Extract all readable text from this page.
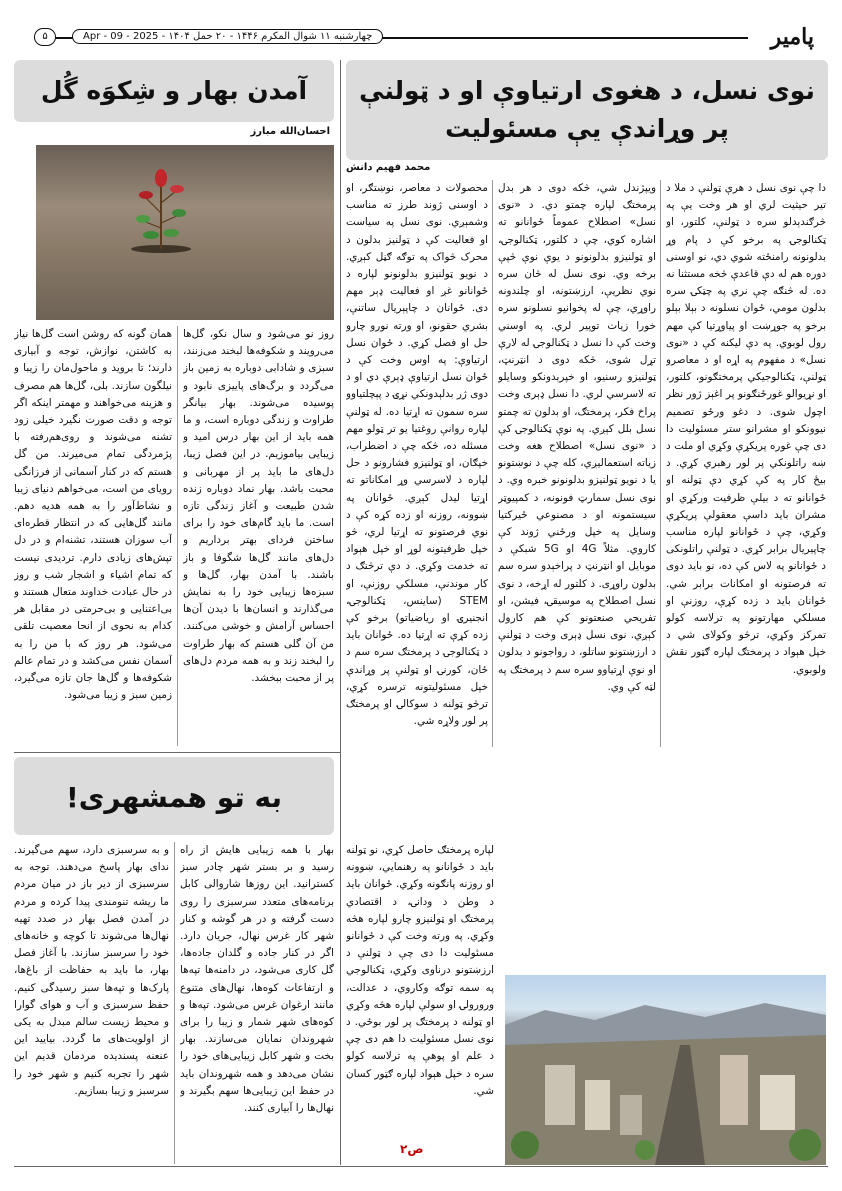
پامیر
چهارشنبه ۱۱ شوال المکرم ۱۴۴۶ - ۲۰ حمل ۱۴۰۴ - Apr - 09 - 2025
۵
نوی نسل، د هغوی ارتیاوې او د ټولنې
پر وړاندې یې مسئولیت
محمد فهیم دانش
دا چې نوی نسل د هرې ټولنې د ملا د تیر حیثیت لري او هر وخت یې په څرګندېدلو سره د ټولنې، کلتور، او ټکنالوجۍ په برخو کې د پام وړ بدلونونه رامنځته شوي دي، نو اوسنی دوره هم له دې قاعدې څخه مستثنا نه ده. له څنګه چې نري په چټکۍ سره بدلون مومي، ځوان نسلونه د بېلا بېلو برخو په جوړښت او پیاوړتیا کې مهم رول لوبوي. په دې لیکنه کې د «نوی نسل» د مفهوم په اړه او د معاصرو ټولنې، ټکنالوجیکي پرمختګونو، کلتور، او نړیوالو غورځنګونو پر اغېز ژور نظر اچول شوی. د دغو ورځو تصمیم نیوونکو او مشرانو ستر مسئولیت دا دی چې غوره پریکړې وکړي او ملت د ښه راتلونکي پر لور رهبري کړي. د بیځ کار په کې کړي دې ټولنه او ځوانانو ته د بیلې ظرفیت ورکړي او مشران باید داسې معقولې پریکړې وکړي، چې د ځوانانو لپاره مناسب چاپیریال برابر کړي. د ټولنې راتلونکی د ځوانانو په لاس کې ده، نو باید دوی ته فرصتونه او امکانات برابر شي. ځوانان باید د زده کړې، روزنې او مسلکي مهارتونو په ترلاسه کولو تمرکز وکړي، ترڅو وکولای شي د خپل هېواد د پرمختګ لپاره ګټور نقش ولوبوي.
ویپژندل شي، څکه دوی د هر بدل پرمختګ لپاره چمتو دي. د «نوی نسل» اصطلاح عموماً ځوانانو ته اشاره کوي، چې د کلتور، ټکنالوجۍ، او ټولنیزو بدلونونو د یوې نوې څپې برخه وي. نوی نسل له څان سره نوي نظریې، ارزښتونه، او چلندونه راوړي، چې له پخوانیو نسلونو سره خورا زیات توپیر لري. په اوسني وخت کې دا نسل د ټکنالوجۍ له لارې تړل شوی، څکه دوی د انټرنټ، ټولنیزو رسنیو، او خپرېدونکو وسایلو ته لاسرسي لري. دا نسل ډېری وخت پراخ فکر، پرمختګ، او بدلون ته چمتو نسل بلل کېږي. په نوې ټکنالوجۍ کې د «نوی نسل» اصطلاح هغه وخت زیاته استعمالیږي، کله چې د نوښتونو یا د نویو ټولنیزو بدلونونو خبره وي. د نوی نسل سمارټ فونونه، د کمپیوټر سیستمونه او د مصنوعي ځیرکتیا وسایل په خپل ورځني ژوند کې کاروي. مثلاً 4G او 5G شبکې د موبایل او انټرنټ د پراخېدو سره سم بدلون راوړی. د کلتور له اړخه، د نوی نسل اصطلاح په موسیقۍ، فیشن، او تفریحي صنعتونو کې هم کارول کېږي. نوی نسل ډېری وخت د ټولنې د ارزښتونو ساتلو، د رواجونو د بدلون او نوې اړتیاوو سره سم د پرمختګ په لټه کې وي.
محصولات د معاصر، نوښتګر، او د اوسنی ژوند طرز ته مناسب وشمېږي. نوی نسل په سیاست او فعالیت کې د ټولنیز بدلون د محرک څواک په توګه ګڼل کېږي. د نویو ټولنیزو بدلونونو لپاره د ځوانانو غږ او فعالیت ډېر مهم دی. ځوانان د چاپېریال ساتنې، بشري حقونو، او ورته نورو چارو حل او فصل کړي. د ځوان نسل ارتیاوې: په اوس وخت کې د ځوان نسل ارتیاوې ډېرې دي او د دوی ژر بدلېدونکي نړۍ د پېچلتیاوو سره سمون ته اړتیا ده. له ټولنې لپاره روانې روغتیا یو تر ټولو مهم مسئله ده، څکه چې د اضطراب، خپګان، او ټولنیزو فشارونو د حل لپاره د لاسرسي وړ امکاناتو ته اړتیا لیدل کېږي. ځوانان په ښوونه، روزنه او زده کړه کې د نوي فرصتونو ته اړتیا لري، څو خپل ظرفیتونه لوړ او خپل هېواد ته خدمت وکړي. د دې ترڅنګ د کار موندنې، مسلکي روزنې، او STEM (ساینس، ټکنالوجۍ، انجنیرۍ او ریاضیاتو) برخو کې زده کړې ته اړتیا ده. ځوانان باید د ټکنالوجۍ د پرمختګ سره سم د ځان، کورنۍ او ټولنې پر وړاندې خپل مسئولیتونه ترسره کړي، ترڅو ټولنه د سوکالۍ او پرمختګ پر لور ولاړه شي.
آمدن بهار و شِکوَه گُل
احسان‌الله مبارز
روز نو می‌شود و سال نکو، گل‌ها می‌رویند و شکوفه‌ها لبخند می‌زنند، سبزی و شادابی دوباره به زمین باز می‌گردد و برگ‌های پاییزی نابود و پوسیده می‌شوند. بهار بیانگر طراوت و زندگی دوباره است، و ما همه باید از این بهار درس امید و زیبایی بیاموزیم. در این فصل زیبا، دل‌های ما باید پر از مهربانی و محبت باشد. بهار نماد دوباره زنده شدن طبیعت و آغاز زندگی تازه است. ما باید گام‌های خود را برای ساختن فردای بهتر برداریم و دل‌های مانند گل‌ها شگوفا و باز باشند. با آمدن بهار، گل‌ها و سبزه‌ها زیبایی خود را به نمایش می‌گذارند و انسان‌ها با دیدن آن‌ها احساس آرامش و خوشی می‌کنند. من آن گلی هستم که بهار طراوت را لبخند زند و به همه مردم دل‌های پر از محبت ببخشد.
همان گونه که روشن است گل‌ها نیاز به کاشتن، نوازش، توجه و آبیاری دارند؛ تا بروید و ماحول‌مان را زیبا و نیلگون سازند. بلی، گل‌ها هم مصرف و هزینه می‌خواهند و مهمتر اینکه اگر توجه و دقت صورت نگیرد خیلی زود تشنه می‌شوند و روی‌هم‌رفته با پژمردگی تمام می‌میرند. من گل هستم که در کنار آسمانی از فرزانگی رویای من است، می‌خواهم دنیای زیبا و نشاط‌آور را به همه هدیه دهم. مانند گل‌هایی که در انتظار قطره‌ای آب سوزان هستند، تشنه‌ام و در دل تپش‌های زیادی دارم. تردیدی نیست که تمام اشیاء و اشجار شب و روز در حال عبادت خداوند متعال هستند و بی‌اعتنایی و بی‌حرمتی در مقابل هر کدام به نحوی از انحا معصیت تلقی می‌شود. هر روز که با من را به آسمان نفس می‌کشد و در تمام عالم شکوفه‌ها و گل‌ها جان تازه می‌گیرد، زمین سبز و زیبا می‌شود.
به تو همشهری!
و به سرسبزی دارد، سهم می‌گیرند. ندای بهار پاسخ می‌دهند. توجه به سرسبزی از دیر باز در میان مردم ما ریشه تنومندی پیدا کرده و مردم در آمدن فصل بهار در صدد تهیه نهال‌ها می‌شوند تا کوچه و خانه‌های خود را سرسبز سازند. با آغاز فصل بهار، ما باید به حفاظت از باغ‌ها، پارک‌ها و تپه‌ها سبز رسیدگی کنیم. حفظ سرسبزی و آب و هوای گوارا و محیط زیست سالم مبدل به یکی از اولویت‌های ما گردد. بیایید این عنعنه پسندیده مردمان قدیم این شهر را تجربه کنیم و شهر خود را سرسبز و زیبا بسازیم.
بهار با همه زیبایی هایش از راه رسید و بر بستر شهر چادر سبز کسترانید. این روزها شاروالی کابل برنامه‌های متعدد سرسبزی را روی دست گرفته و در هر گوشه و کنار شهر کار غرس نهال، جریان دارد. اگر در کنار جاده و گلدان جاده‌ها، گل کاری می‌شود، در دامنه‌ها تپه‌ها و ارتفاعات کوه‌ها، نهال‌های متنوع مانند ارغوان غرس می‌شود. تپه‌ها و کوه‌های شهر شمار و زیبا را برای شهروندان نمایان می‌سازند. بهار بخت و شهر کابل زیبایی‌های خود را نشان می‌دهد و همه شهروندان باید در حفظ این زیبایی‌ها سهم بگیرند و نهال‌ها را آبیاری کنند.
لپاره پرمختګ حاصل کړي، نو ټولنه باید د ځوانانو په رهنمایي، ښوونه او روزنه پانګونه وکړي. ځوانان باید د وطن د ودانۍ، د اقتصادي پرمختګ او ټولنیزو چارو لپاره هڅه وکړي. په ورته وخت کې د ځوانانو مسئولیت دا دی چې د ټولنې د ارزښتونو درناوی وکړي، ټکنالوجي په سمه توګه وکاروي، د عدالت، ورورولۍ او سولې لپاره هڅه وکړي او ټولنه د پرمختګ پر لور بوځي. د نوی نسل مسئولیت دا هم دی چې د علم او پوهې په ترلاسه کولو سره د خپل هېواد لپاره ګټور کسان شي.
ص۲
